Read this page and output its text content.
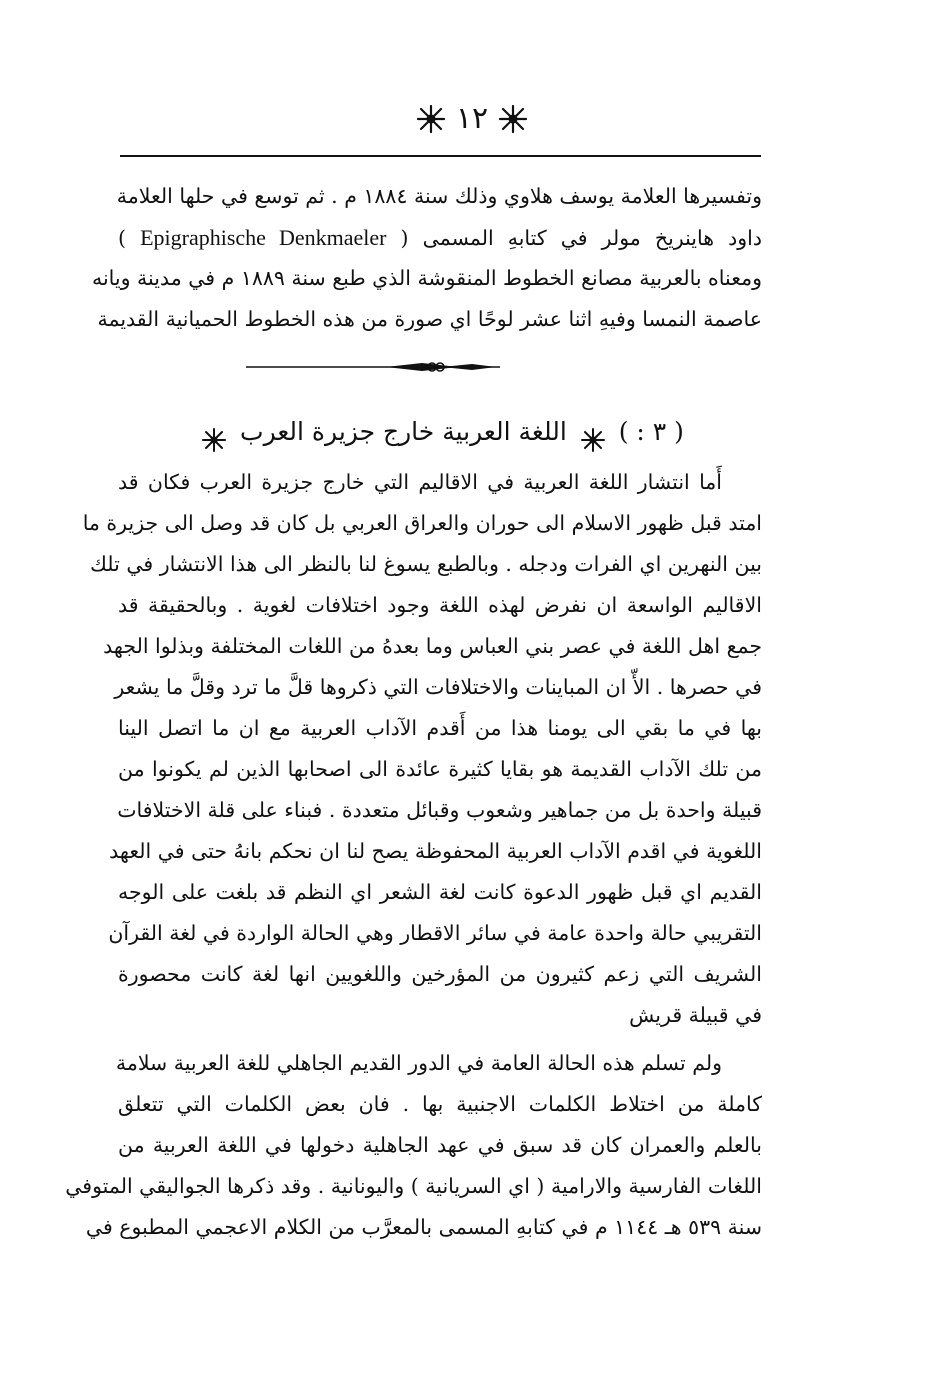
١٢
وتفسيرها العلامة يوسف هلاوي وذلك سنة ١٨٨٤ م . ثم توسع في حلها العلامة
داود هاينريخ مولر في كتابهِ المسمى ( Epigraphische Denkmaeler )
ومعناه بالعربية مصانع الخطوط المنقوشة الذي طبع سنة ١٨٨٩ م في مدينة ويانه
عاصمة النمسا وفيهِ اثنا عشر لوحًا اي صورة من هذه الخطوط الحميانية القديمة
( ٣ : )  اللغة العربية خارج جزيرة العرب
أَما انتشار اللغة العربية في الاقاليم التي خارج جزيرة العرب فكان قد
امتد قبل ظهور الاسلام الى حوران والعراق العربي بل كان قد وصل الى جزيرة ما
بين النهرين اي الفرات ودجله . وبالطبع يسوغ لنا بالنظر الى هذا الانتشار في تلك
الاقاليم الواسعة ان نفرض لهذه اللغة وجود اختلافات لغوية . وبالحقيقة قد
جمع اهل اللغة في عصر بني العباس وما بعدهُ من اللغات المختلفة وبذلوا الجهد
في حصرها . الأّ ان المباينات والاختلافات التي ذكروها قلَّ ما ترد وقلَّ ما يشعر
بها في ما بقي الى يومنا هذا من أَقدم الآداب العربية مع ان ما اتصل الينا
من تلك الآداب القديمة هو بقايا كثيرة عائدة الى اصحابها الذين لم يكونوا من
قبيلة واحدة بل من جماهير وشعوب وقبائل متعددة . فبناء على قلة الاختلافات
اللغوية في اقدم الآداب العربية المحفوظة يصح لنا ان نحكم بانهُ حتى في العهد
القديم اي قبل ظهور الدعوة كانت لغة الشعر اي النظم قد بلغت على الوجه
التقريبي حالة واحدة عامة في سائر الاقطار وهي الحالة الواردة في لغة القرآن
الشريف التي زعم كثيرون من المؤرخين واللغويين انها لغة كانت محصورة
في قبيلة قريش
ولم تسلم هذه الحالة العامة في الدور القديم الجاهلي للغة العربية سلامة
كاملة من اختلاط الكلمات الاجنبية بها . فان بعض الكلمات التي تتعلق
بالعلم والعمران كان قد سبق في عهد الجاهلية دخولها في اللغة العربية من
اللغات الفارسية والارامية ( اي السريانية ) واليونانية . وقد ذكرها الجواليقي المتوفي
سنة ٥٣٩ هـ ١١٤٤ م في كتابهِ المسمى بالمعرَّب من الكلام الاعجمي المطبوع في
